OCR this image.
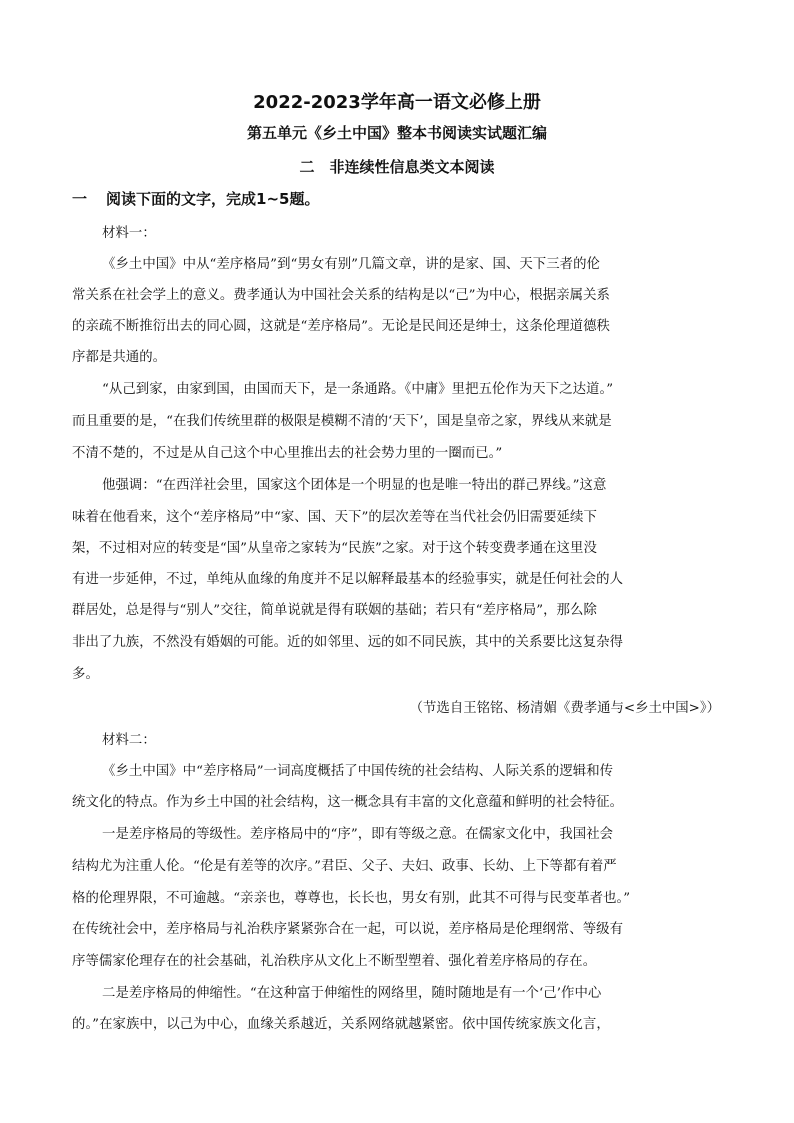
2022-2023学年高一语文必修上册
第五单元《乡土中国》整本书阅读实试题汇编
二　非连续性信息类文本阅读
一 阅读下面的文字，完成1~5题。
材料一：
《乡土中国》中从“差序格局”到“男女有别”几篇文章，讲的是家、国、天下三者的伦
常关系在社会学上的意义。费孝通认为中国社会关系的结构是以“己”为中心，根据亲属关系
的亲疏不断推衍出去的同心圆，这就是“差序格局”。无论是民间还是绅士，这条伦理道德秩
序都是共通的。
“从己到家，由家到国，由国而天下，是一条通路。《中庸》里把五伦作为天下之达道。”
而且重要的是，“在我们传统里群的极限是模糊不清的‘天下’，国是皇帝之家，界线从来就是
不清不楚的，不过是从自己这个中心里推出去的社会势力里的一圈而已。”
他强调：“在西洋社会里，国家这个团体是一个明显的也是唯一特出的群己界线。”这意
味着在他看来，这个“差序格局”中“家、国、天下”的层次差等在当代社会仍旧需要延续下
架，不过相对应的转变是“国”从皇帝之家转为“民族”之家。对于这个转变费孝通在这里没
有进一步延伸，不过，单纯从血缘的角度并不足以解释最基本的经验事实，就是任何社会的人
群居处，总是得与“别人”交往，简单说就是得有联姻的基础；若只有“差序格局”，那么除
非出了九族，不然没有婚姻的可能。近的如邻里、远的如不同民族，其中的关系要比这复杂得
多。
（节选自王铭铭、杨清媚《费孝通与<乡土中国>》）
材料二：
《乡土中国》中“差序格局”一词高度概括了中国传统的社会结构、人际关系的逻辑和传
统文化的特点。作为乡土中国的社会结构，这一概念具有丰富的文化意蕴和鲜明的社会特征。
一是差序格局的等级性。差序格局中的“序”，即有等级之意。在儒家文化中，我国社会
结构尤为注重人伦。“伦是有差等的次序。”君臣、父子、夫妇、政事、长幼、上下等都有着严
格的伦理界限，不可逾越。“亲亲也，尊尊也，长长也，男女有别，此其不可得与民变革者也。”
在传统社会中，差序格局与礼治秩序紧紧弥合在一起，可以说，差序格局是伦理纲常、等级有
序等儒家伦理存在的社会基础，礼治秩序从文化上不断型塑着、强化着差序格局的存在。
二是差序格局的伸缩性。“在这种富于伸缩性的网络里，随时随地是有一个‘己’作中心
的。”在家族中，以己为中心，血缘关系越近，关系网络就越紧密。依中国传统家族文化言，
